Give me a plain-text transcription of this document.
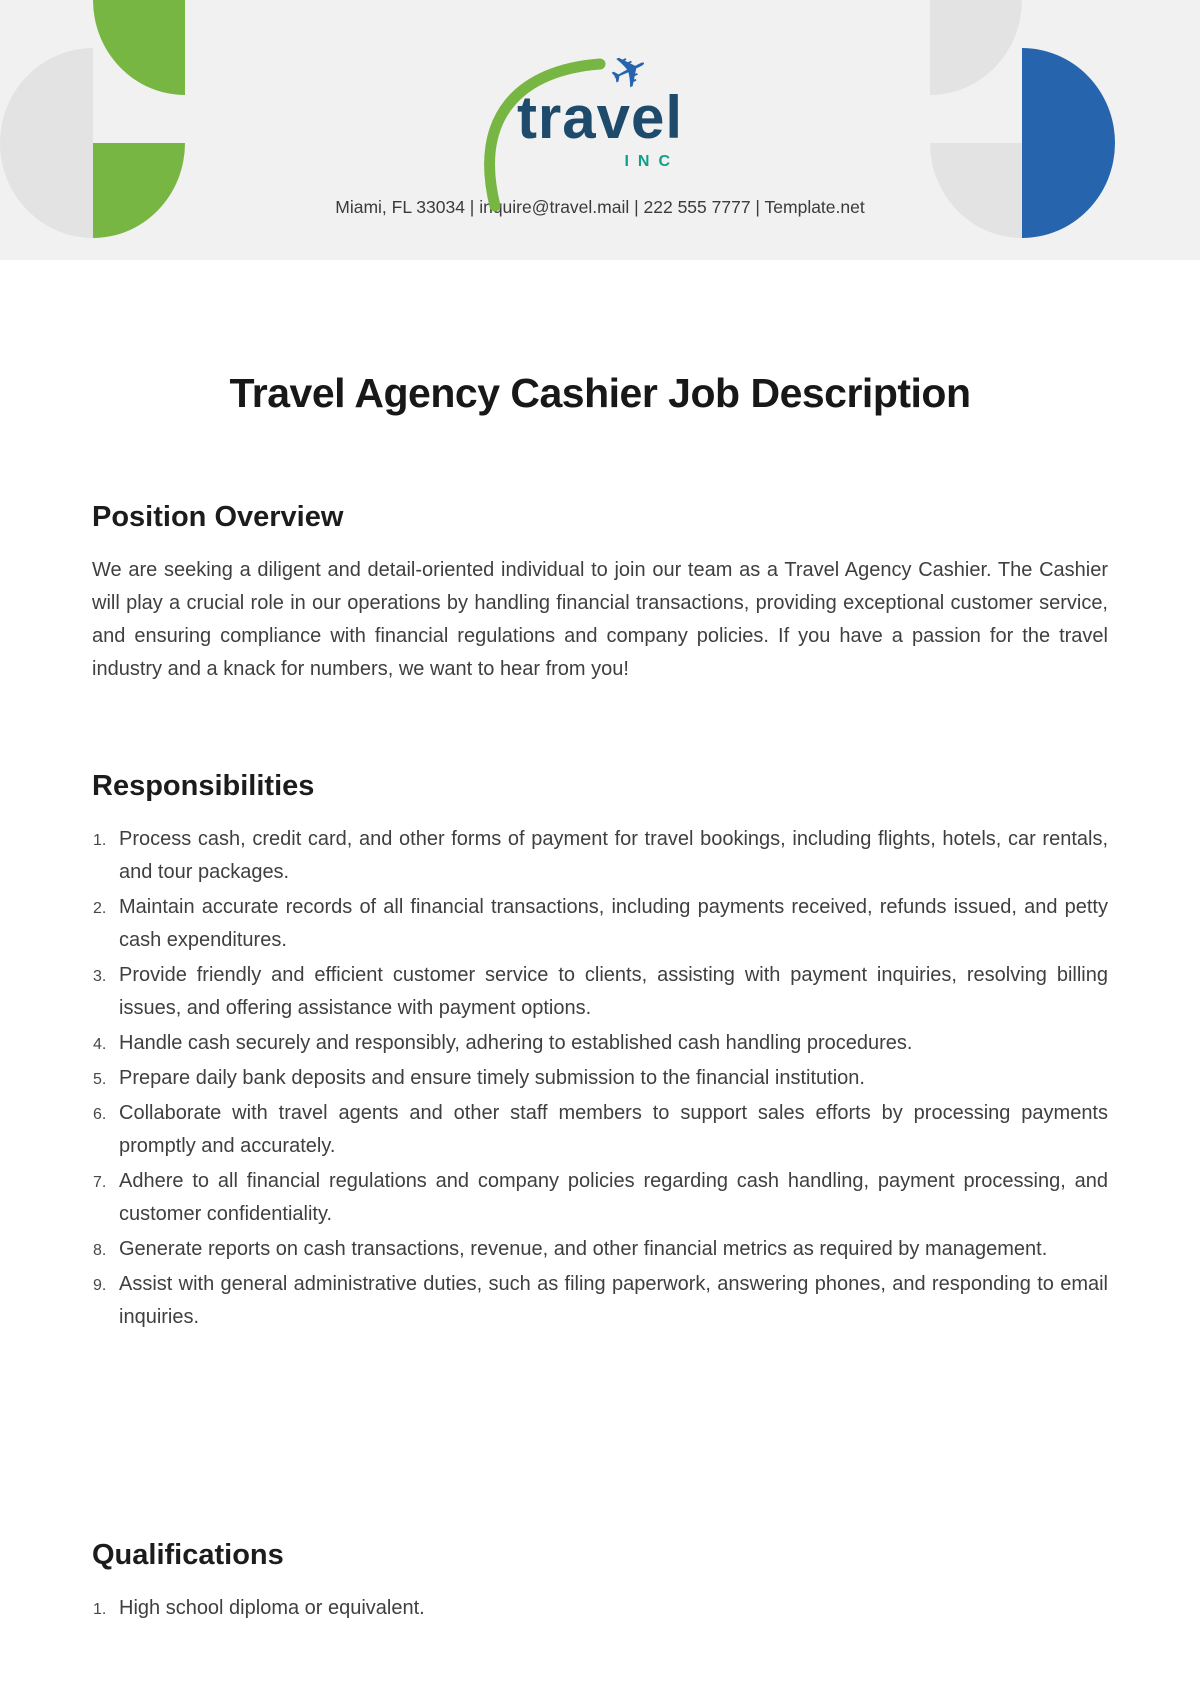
✈
travel
INC
Miami, FL 33034 | inquire@travel.mail | 222 555 7777 | Template.net
Travel Agency Cashier Job Description
Position Overview

We are seeking a diligent and detail-oriented individual to join our team as a Travel Agency Cashier. The Cashier will play a crucial role in our operations by handling financial transactions, providing exceptional customer service, and ensuring compliance with financial regulations and company policies. If you have a passion for the travel industry and a knack for numbers, we want to hear from you!

Responsibilities
Process cash, credit card, and other forms of payment for travel bookings, including flights, hotels, car rentals, and tour packages.
Maintain accurate records of all financial transactions, including payments received, refunds issued, and petty cash expenditures.
Provide friendly and efficient customer service to clients, assisting with payment inquiries, resolving billing issues, and offering assistance with payment options.
Handle cash securely and responsibly, adhering to established cash handling procedures.
Prepare daily bank deposits and ensure timely submission to the financial institution.
Collaborate with travel agents and other staff members to support sales efforts by processing payments promptly and accurately.
Adhere to all financial regulations and company policies regarding cash handling, payment processing, and customer confidentiality.
Generate reports on cash transactions, revenue, and other financial metrics as required by management.
Assist with general administrative duties, such as filing paperwork, answering phones, and responding to email inquiries.
Qualifications
High school diploma or equivalent.
